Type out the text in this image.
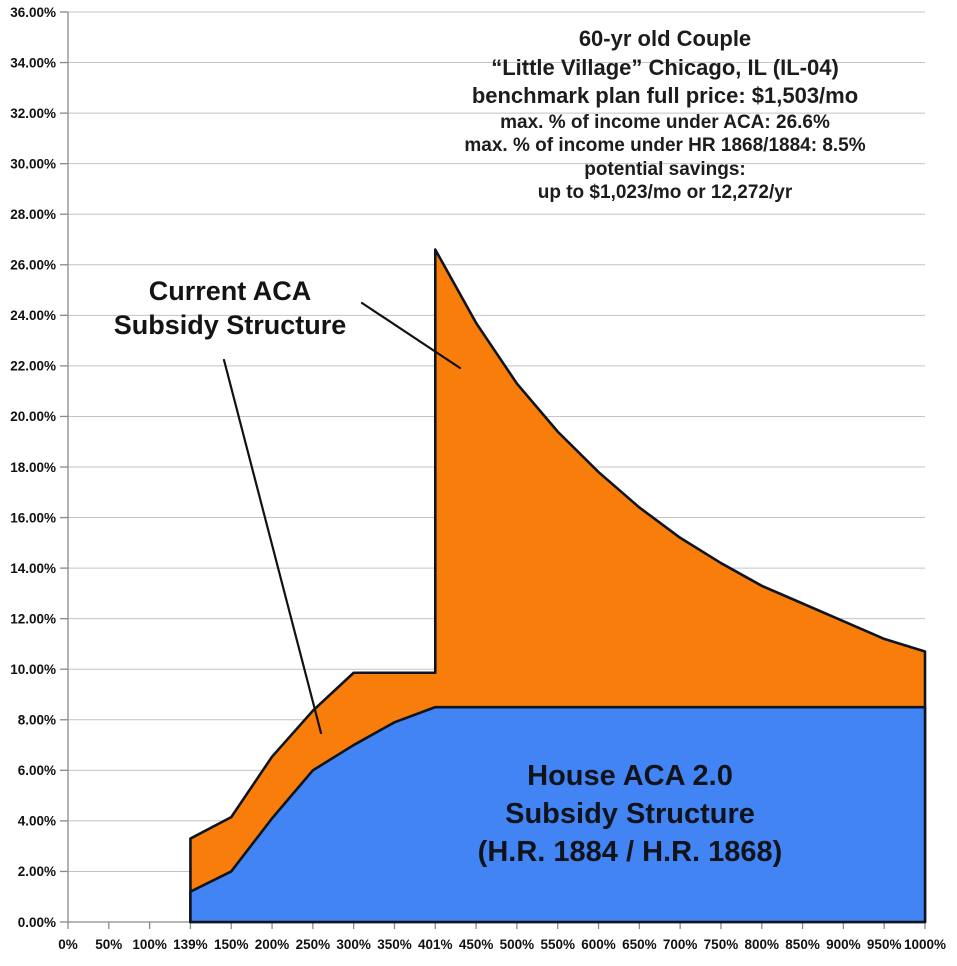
36.00%
34.00%
32.00%
30.00%
28.00%
26.00%
24.00%
22.00%
20.00%
18.00%
16.00%
14.00%
12.00%
10.00%
8.00%
6.00%
4.00%
2.00%
0.00%
0% 50% 100% 139% 150% 200% 250% 300% 350% 401% 450% 500% 550% 600% 650% 700% 750% 800% 850% 900% 950% 1000%
60-yr old Couple
“Little Village” Chicago, IL (IL-04)
benchmark plan full price: $1,503/mo
max. % of income under ACA: 26.6%
max. % of income under HR 1868/1884: 8.5%
potential savings:
up to $1,023/mo or 12,272/yr
Current ACA
Subsidy Structure
House ACA 2.0
Subsidy Structure
(H.R. 1884 / H.R. 1868)
